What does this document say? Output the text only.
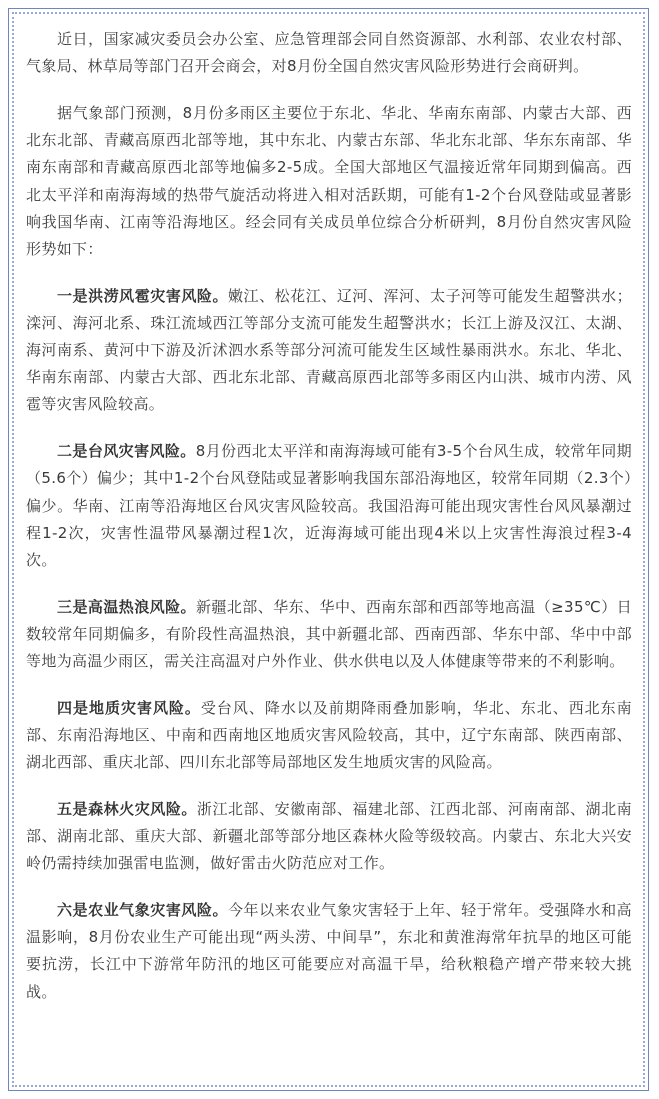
近日，国家减灾委员会办公室、应急管理部会同自然资源部、水利部、农业农村部、气象局、林草局等部门召开会商会，对8月份全国自然灾害风险形势进行会商研判。

据气象部门预测，8月份多雨区主要位于东北、华北、华南东南部、内蒙古大部、西北东北部、青藏高原西北部等地，其中东北、内蒙古东部、华北东北部、华东东南部、华南东南部和青藏高原西北部等地偏多2-5成。全国大部地区气温接近常年同期到偏高。西北太平洋和南海海域的热带气旋活动将进入相对活跃期，可能有1-2个台风登陆或显著影响我国华南、江南等沿海地区。经会同有关成员单位综合分析研判，8月份自然灾害风险形势如下：

一是洪涝风雹灾害风险。嫩江、松花江、辽河、浑河、太子河等可能发生超警洪水；滦河、海河北系、珠江流域西江等部分支流可能发生超警洪水；长江上游及汉江、太湖、海河南系、黄河中下游及沂沭泗水系等部分河流可能发生区域性暴雨洪水。东北、华北、华南东南部、内蒙古大部、西北东北部、青藏高原西北部等多雨区内山洪、城市内涝、风雹等灾害风险较高。

二是台风灾害风险。8月份西北太平洋和南海海域可能有3-5个台风生成，较常年同期（5.6个）偏少；其中1-2个台风登陆或显著影响我国东部沿海地区，较常年同期（2.3个）偏少。华南、江南等沿海地区台风灾害风险较高。我国沿海可能出现灾害性台风风暴潮过程1-2次，灾害性温带风暴潮过程1次，近海海域可能出现4米以上灾害性海浪过程3-4次。

三是高温热浪风险。新疆北部、华东、华中、西南东部和西部等地高温（≥35℃）日数较常年同期偏多，有阶段性高温热浪，其中新疆北部、西南西部、华东中部、华中中部等地为高温少雨区，需关注高温对户外作业、供水供电以及人体健康等带来的不利影响。

四是地质灾害风险。受台风、降水以及前期降雨叠加影响，华北、东北、西北东南部、东南沿海地区、中南和西南地区地质灾害风险较高，其中，辽宁东南部、陕西南部、湖北西部、重庆北部、四川东北部等局部地区发生地质灾害的风险高。

五是森林火灾风险。浙江北部、安徽南部、福建北部、江西北部、河南南部、湖北南部、湖南北部、重庆大部、新疆北部等部分地区森林火险等级较高。内蒙古、东北大兴安岭仍需持续加强雷电监测，做好雷击火防范应对工作。

六是农业气象灾害风险。今年以来农业气象灾害轻于上年、轻于常年。受强降水和高温影响，8月份农业生产可能出现“两头涝、中间旱”，东北和黄淮海常年抗旱的地区可能要抗涝，长江中下游常年防汛的地区可能要应对高温干旱，给秋粮稳产增产带来较大挑战。
